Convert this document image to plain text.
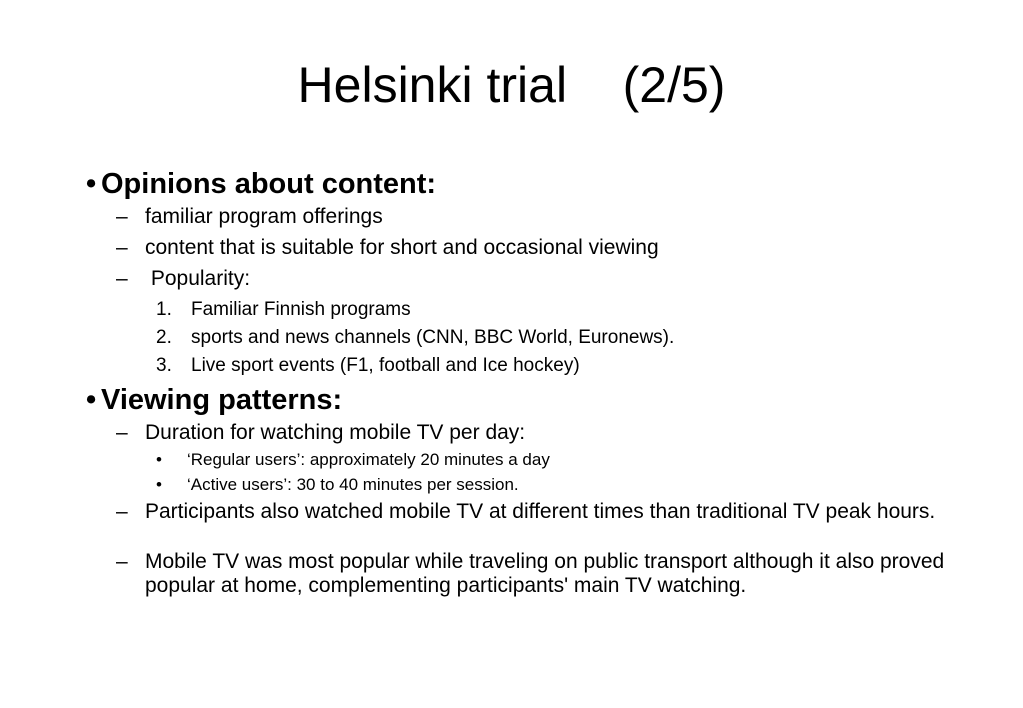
Helsinki trial    (2/5)
• Opinions about content:
– familiar program offerings
– content that is suitable for short and occasional viewing
– Popularity:
1. Familiar Finnish programs
2. sports and news channels (CNN, BBC World, Euronews).
3. Live sport events (F1, football and Ice hockey)
• Viewing patterns:
– Duration for watching mobile TV per day:
• ‘Regular users’: approximately 20 minutes a day
• ‘Active users’: 30 to 40 minutes per session.
– Participants also watched mobile TV at different times than traditional TV peak hours.
– Mobile TV was most popular while traveling on public transport although it also proved popular at home, complementing participants' main TV watching.
